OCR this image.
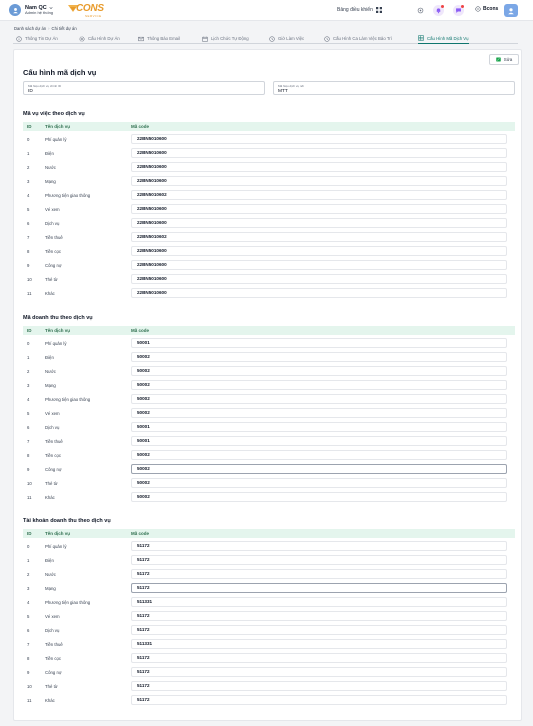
Nam QC
Admin hệ thống CONS
SERVICE
Bảng điều khiển	Bcons
Danh sách dự án › Chi tiết dự án
Thông Tin Dự Án	Cấu Hình Dự Án	Thông Báo Email	Lịch Chức Tự Động	Giờ Làm Việc	Cấu Hình Ca Làm Việc Bảo Trì	Cấu Hình Mã Dịch Vụ
Sửa
Cấu hình mã dịch vụ
Mã hiệu dịch vụ chính ID
ID
Mã hiệu dịch vụ nối
MTT
Mã vụ việc theo dịch vụ
ID	Tên dịch vụ	Mã code
0	Phí quản lý	22BN5010600
1	Điện	22BN5010600
2	Nước	22BN5010600
3	Mạng	22BN5010600
4	Phương tiện giao thông	22BN5010602
5	Vé xem	22BN5010600
6	Dịch vụ	22BN5010600
7	Tiền thuê	22BN5010602
8	Tiền cọc	22BN5010600
9	Công nợ	22BN5010600
10	Thẻ từ	22BN5010600
11	Khác	22BN5010600
Mã doanh thu theo dịch vụ
ID	Tên dịch vụ	Mã code
0	Phí quản lý	50001
1	Điện	50002
2	Nước	50002
3	Mạng	50002
4	Phương tiện giao thông	50002
5	Vé xem	50002
6	Dịch vụ	50001
7	Tiền thuê	50001
8	Tiền cọc	50002
9	Công nợ	50002
10	Thẻ từ	50002
11	Khác	50002
Tài khoản doanh thu theo dịch vụ
ID	Tên dịch vụ	Mã code
0	Phí quản lý	51172
1	Điện	51172
2	Nước	51172
3	Mạng	51172
4	Phương tiện giao thông	511331
5	Vé xem	51172
6	Dịch vụ	51172
7	Tiền thuê	511331
8	Tiền cọc	51172
9	Công nợ	51172
10	Thẻ từ	51172
11	Khác	51172
